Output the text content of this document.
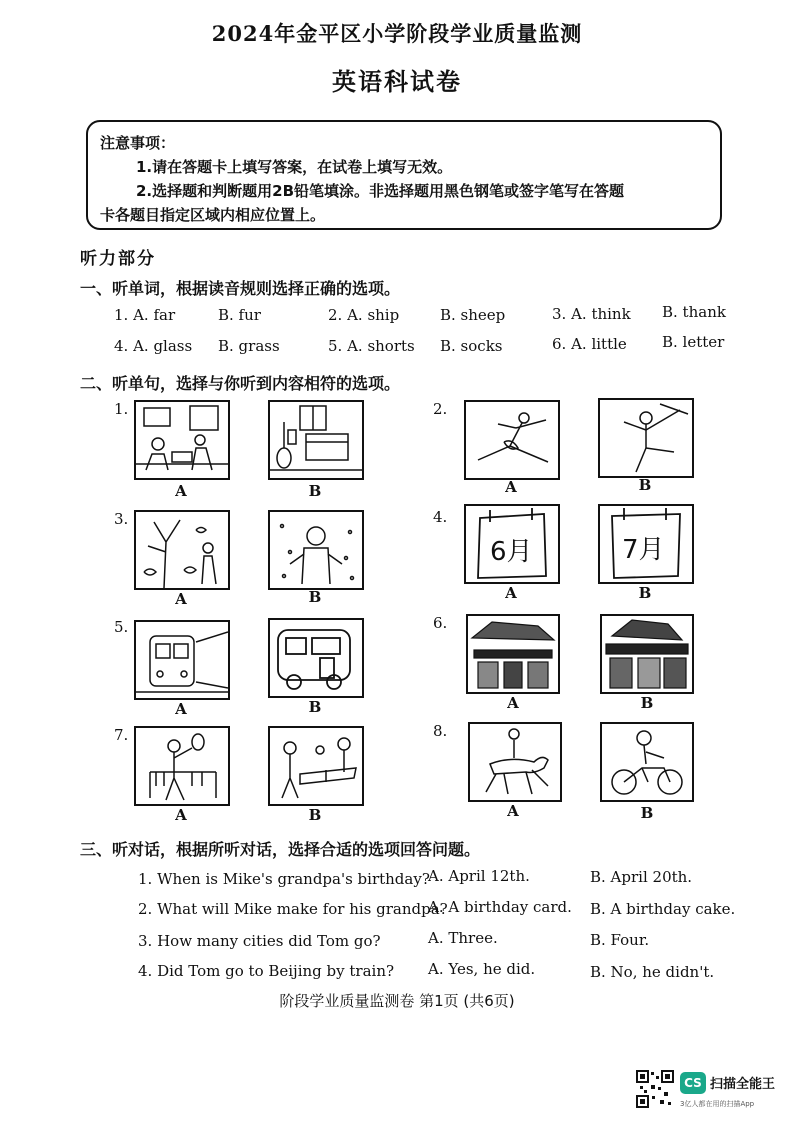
2024年金平区小学阶段学业质量监测
英语科试卷
注意事项：
1.请在答题卡上填写答案，在试卷上填写无效。
2.选择题和判断题用2B铅笔填涂。非选择题用黑色钢笔或签字笔写在答题
卡各题目指定区域内相应位置上。
听力部分
一、听单词，根据读音规则选择正确的选项。
1. A. far	B. fur	2. A. ship	B. sheep	3. A. think B. thank
4. A. glass B. grass	5. A. shorts B. socks	6. A. little B. letter
二、听单句，选择与你听到内容相符的选项。
1.
A	B
2.
A	B
3.
A	B
4.
6月
A
7月
B
5.
A	B
6.
A	B
7.
A	B
8.
A	B
三、听对话，根据所听对话，选择合适的选项回答问题。
1. When is Mike's grandpa's birthday?
A. April 12th.	B. April 20th.
2. What will Mike make for his grandpa?
A. A birthday card. B. A birthday cake.
3. How many cities did Tom go?	A. Three.	B. Four.
4. Did Tom go to Beijing by train? A. Yes, he did.	B. No, he didn't.
阶段学业质量监测卷 第1页 (共6页)
CS 扫描全能王
3亿人都在用的扫描App
